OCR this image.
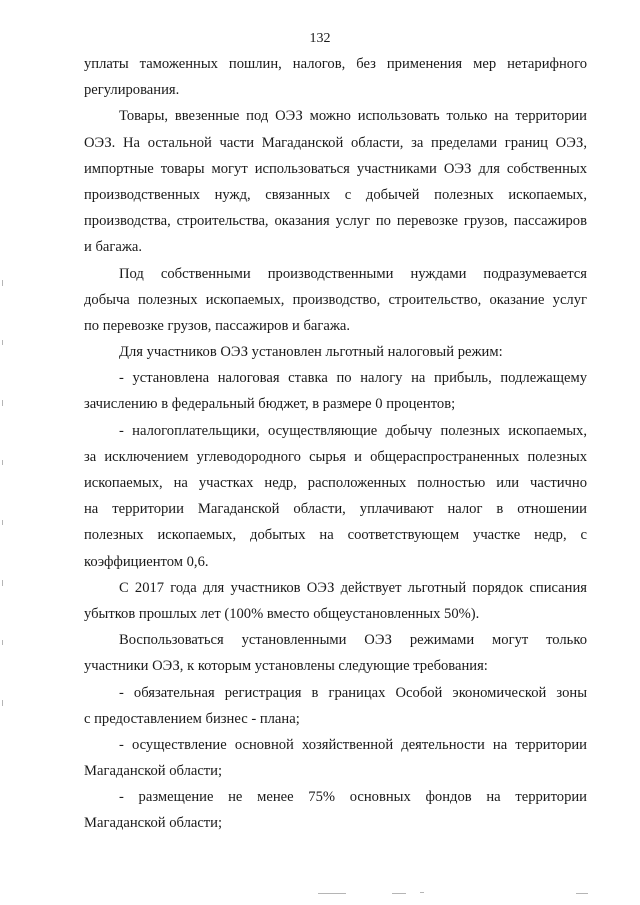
132
уплаты таможенных пошлин, налогов, без применения мер нетарифного
регулирования.
Товары, ввезенные под ОЭЗ можно использовать только на территории
ОЭЗ. На остальной части Магаданской области, за пределами границ ОЭЗ,
импортные товары могут использоваться участниками ОЭЗ для собственных
производственных нужд, связанных с добычей полезных ископаемых,
производства, строительства, оказания услуг по перевозке грузов, пассажиров
и багажа.
Под собственными производственными нуждами подразумевается
добыча полезных ископаемых, производство, строительство, оказание услуг
по перевозке грузов, пассажиров и багажа.
Для участников ОЭЗ установлен льготный налоговый режим:
- установлена налоговая ставка по налогу на прибыль, подлежащему
зачислению в федеральный бюджет, в размере 0 процентов;
- налогоплательщики, осуществляющие добычу полезных ископаемых,
за исключением углеводородного сырья и общераспространенных полезных
ископаемых, на участках недр, расположенных полностью или частично
на территории Магаданской области, уплачивают налог в отношении
полезных ископаемых, добытых на соответствующем участке недр, с
коэффициентом 0,6.
С 2017 года для участников ОЭЗ действует льготный порядок списания
убытков прошлых лет (100% вместо общеустановленных 50%).
Воспользоваться установленными ОЭЗ режимами могут только
участники ОЭЗ, к которым установлены следующие требования:
- обязательная регистрация в границах Особой экономической зоны
с предоставлением бизнес - плана;
- осуществление основной хозяйственной деятельности на территории
Магаданской области;
- размещение не менее 75% основных фондов на территории
Магаданской области;
